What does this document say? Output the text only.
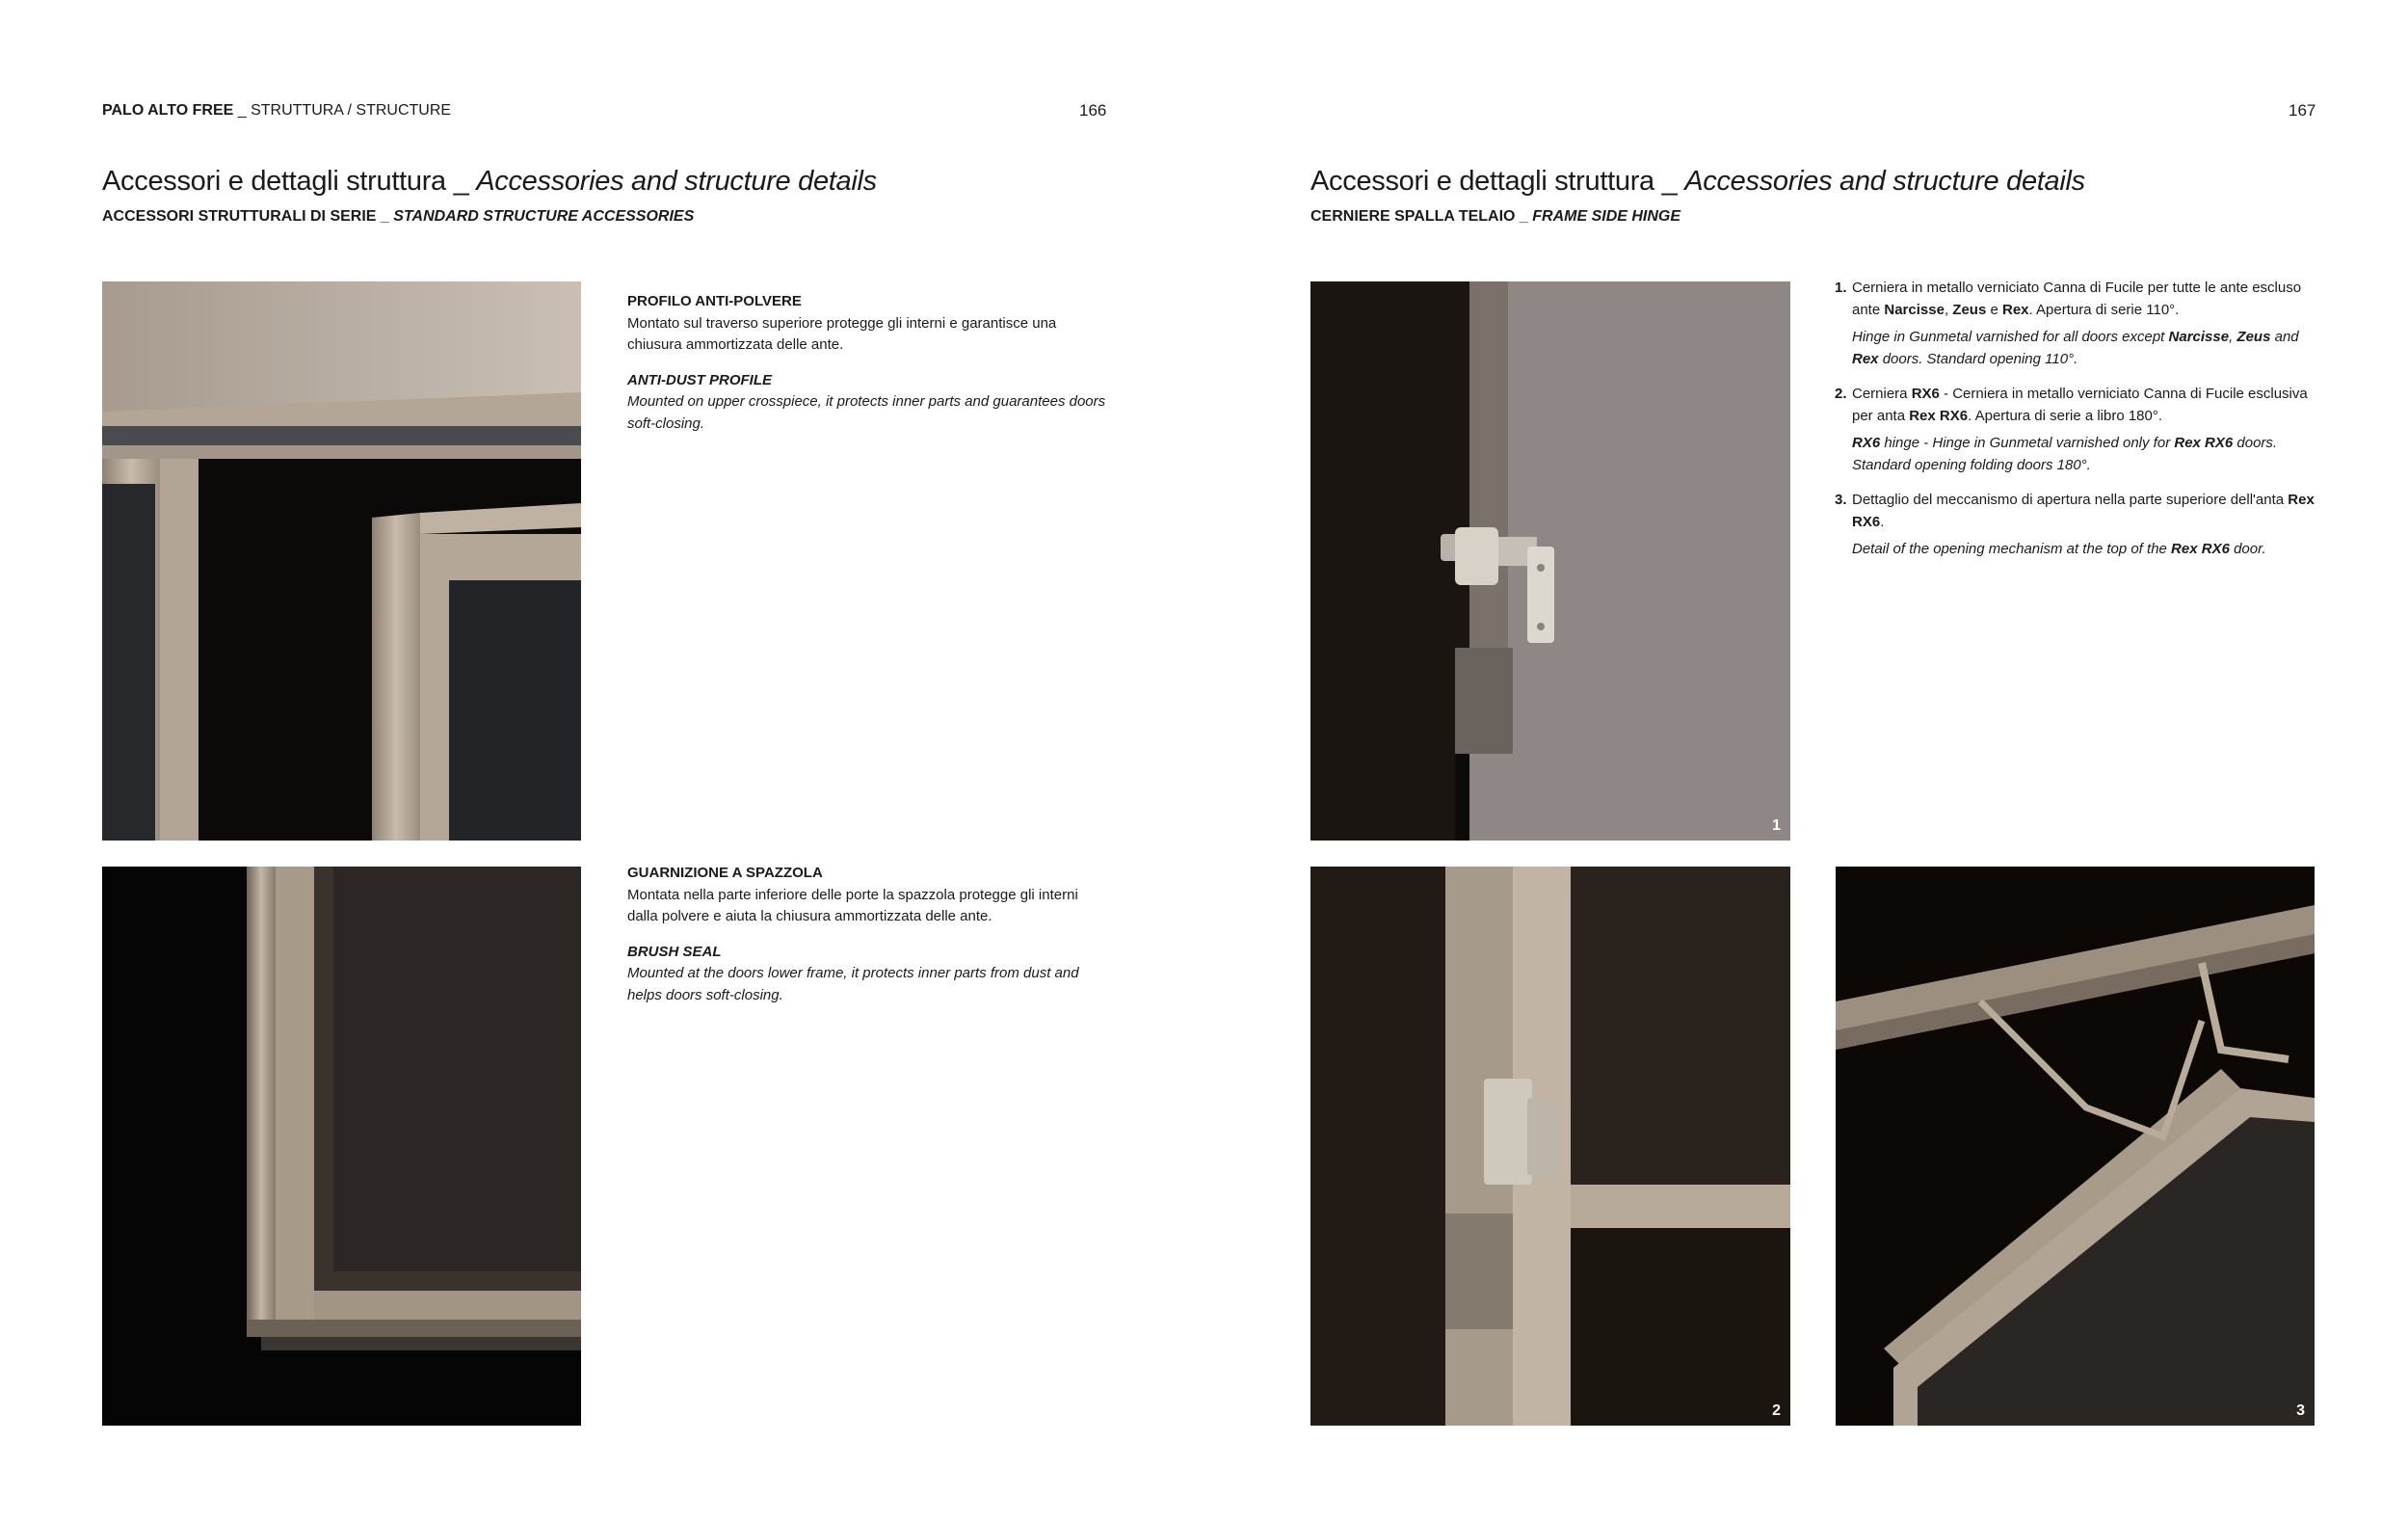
PALO ALTO FREE _ STRUTTURA / STRUCTURE	166
Accessori e dettagli struttura _ Accessories and structure details
ACCESSORI STRUTTURALI DI SERIE _ STANDARD STRUCTURE ACCESSORIES
PROFILO ANTI-POLVERE
Montato sul traverso superiore protegge gli interni e garantisce una chiusura ammortizzata delle ante.
ANTI-DUST PROFILE
Mounted on upper crosspiece, it protects inner parts and guarantees doors soft-closing.
GUARNIZIONE A SPAZZOLA
Montata nella parte inferiore delle porte la spazzola protegge gli interni dalla polvere e aiuta la chiusura ammortizzata delle ante.
BRUSH SEAL
Mounted at the doors lower frame, it protects inner parts from dust and helps doors soft-closing.
167
Accessori e dettagli struttura _ Accessories and structure details
CERNIERE SPALLA TELAIO _ FRAME SIDE HINGE
1
1. Cerniera in metallo verniciato Canna di Fucile per tutte le ante escluso ante Narcisse, Zeus e Rex. Apertura di serie 110°.

Hinge in Gunmetal varnished for all doors except Narcisse, Zeus and Rex doors. Standard opening 110°.

2. Cerniera RX6 - Cerniera in metallo verniciato Canna di Fucile esclusiva per anta Rex RX6. Apertura di serie a libro 180°.

RX6 hinge - Hinge in Gunmetal varnished only for Rex RX6 doors. Standard opening folding doors 180°.

3. Dettaglio del meccanismo di apertura nella parte superiore dell'anta Rex RX6.

Detail of the opening mechanism at the top of the Rex RX6 door.

2	3
